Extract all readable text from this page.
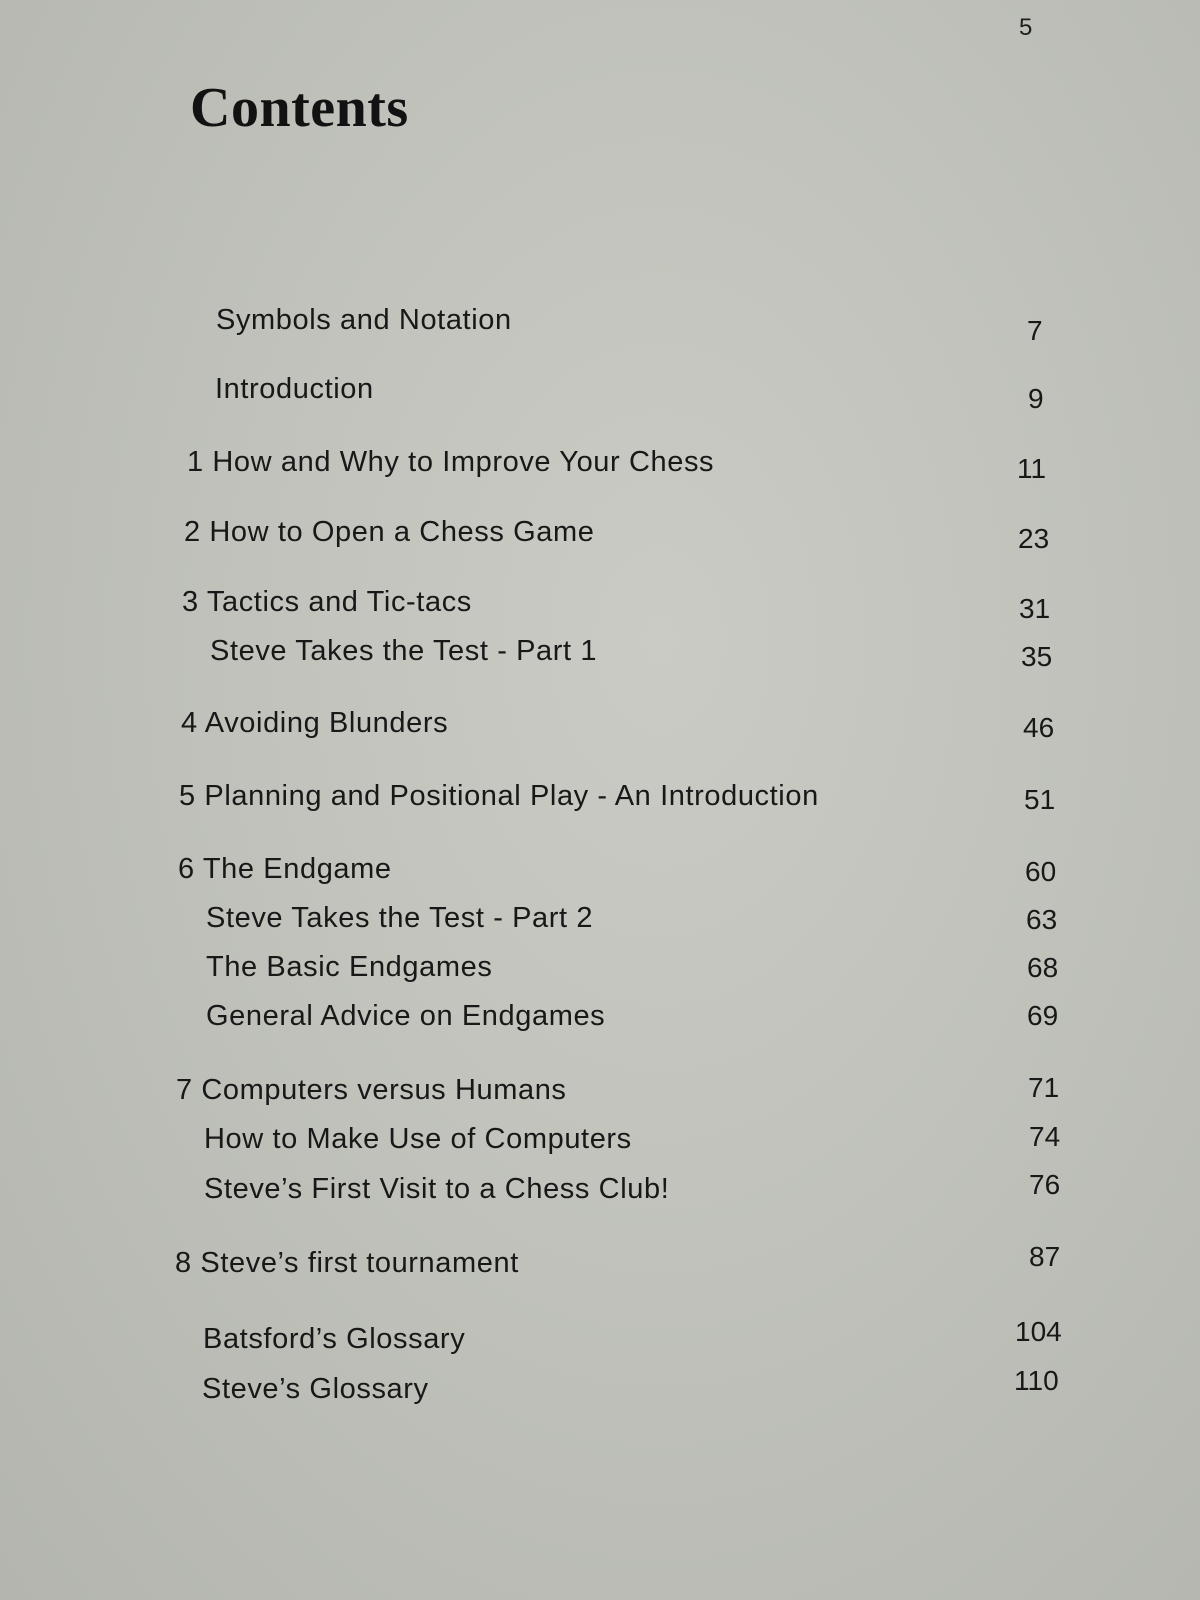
5
Contents
Symbols and Notation	7
Introduction	9
1 How and Why to Improve Your Chess	11
2 How to Open a Chess Game	23
3 Tactics and Tic-tacs	31
Steve Takes the Test - Part 1	35
4 Avoiding Blunders	46
5 Planning and Positional Play - An Introduction	51
6 The Endgame	60
Steve Takes the Test - Part 2	63
The Basic Endgames	68
General Advice on Endgames	69
7 Computers versus Humans	71
How to Make Use of Computers	74
Steve’s First Visit to a Chess Club!	76
8 Steve’s first tournament	87
Batsford’s Glossary	104
Steve’s Glossary	110
